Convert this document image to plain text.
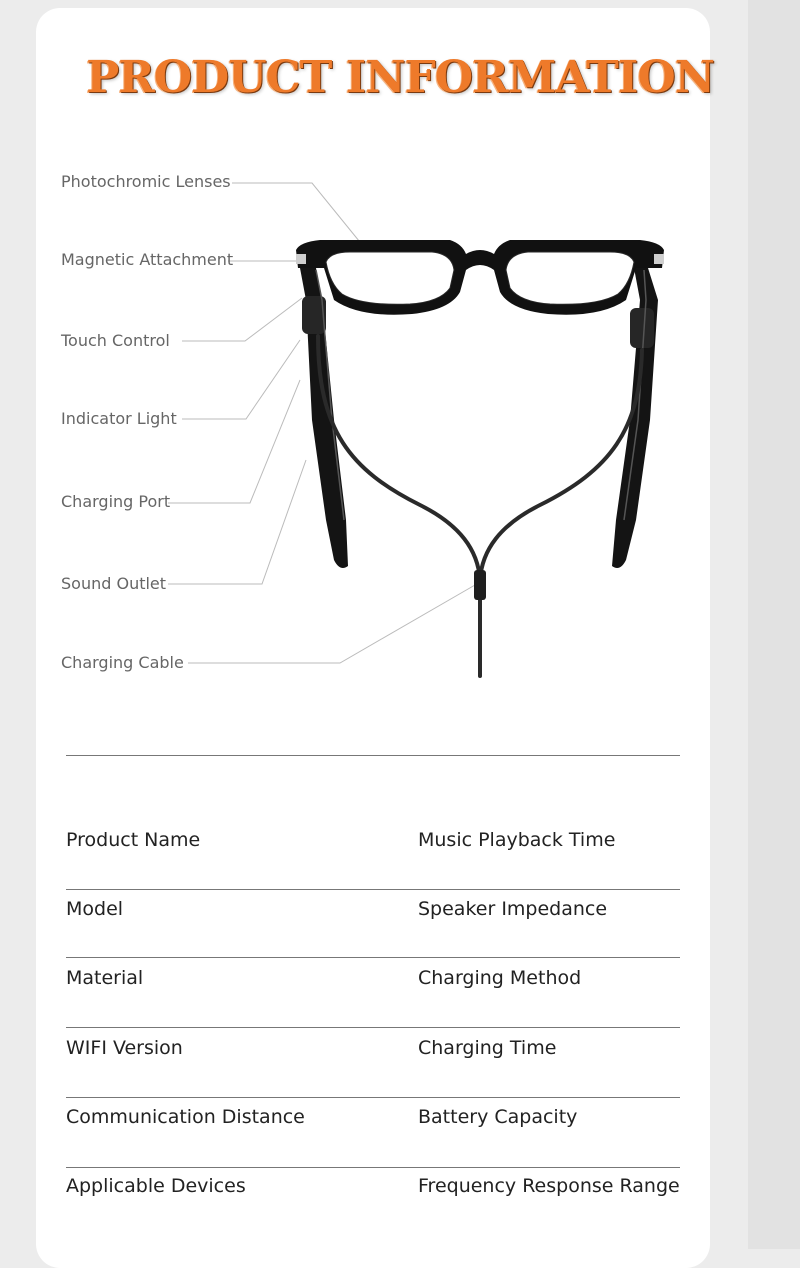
PRODUCT INFORMATION
Photochromic Lenses
Magnetic Attachment
Touch Control
Indicator Light
Charging Port
Sound Outlet
Charging Cable
Product Name	Music Playback Time
Model	Speaker Impedance
Material	Charging Method
WIFI Version	Charging Time
Communication Distance	Battery Capacity
Applicable Devices	Frequency Response Range
